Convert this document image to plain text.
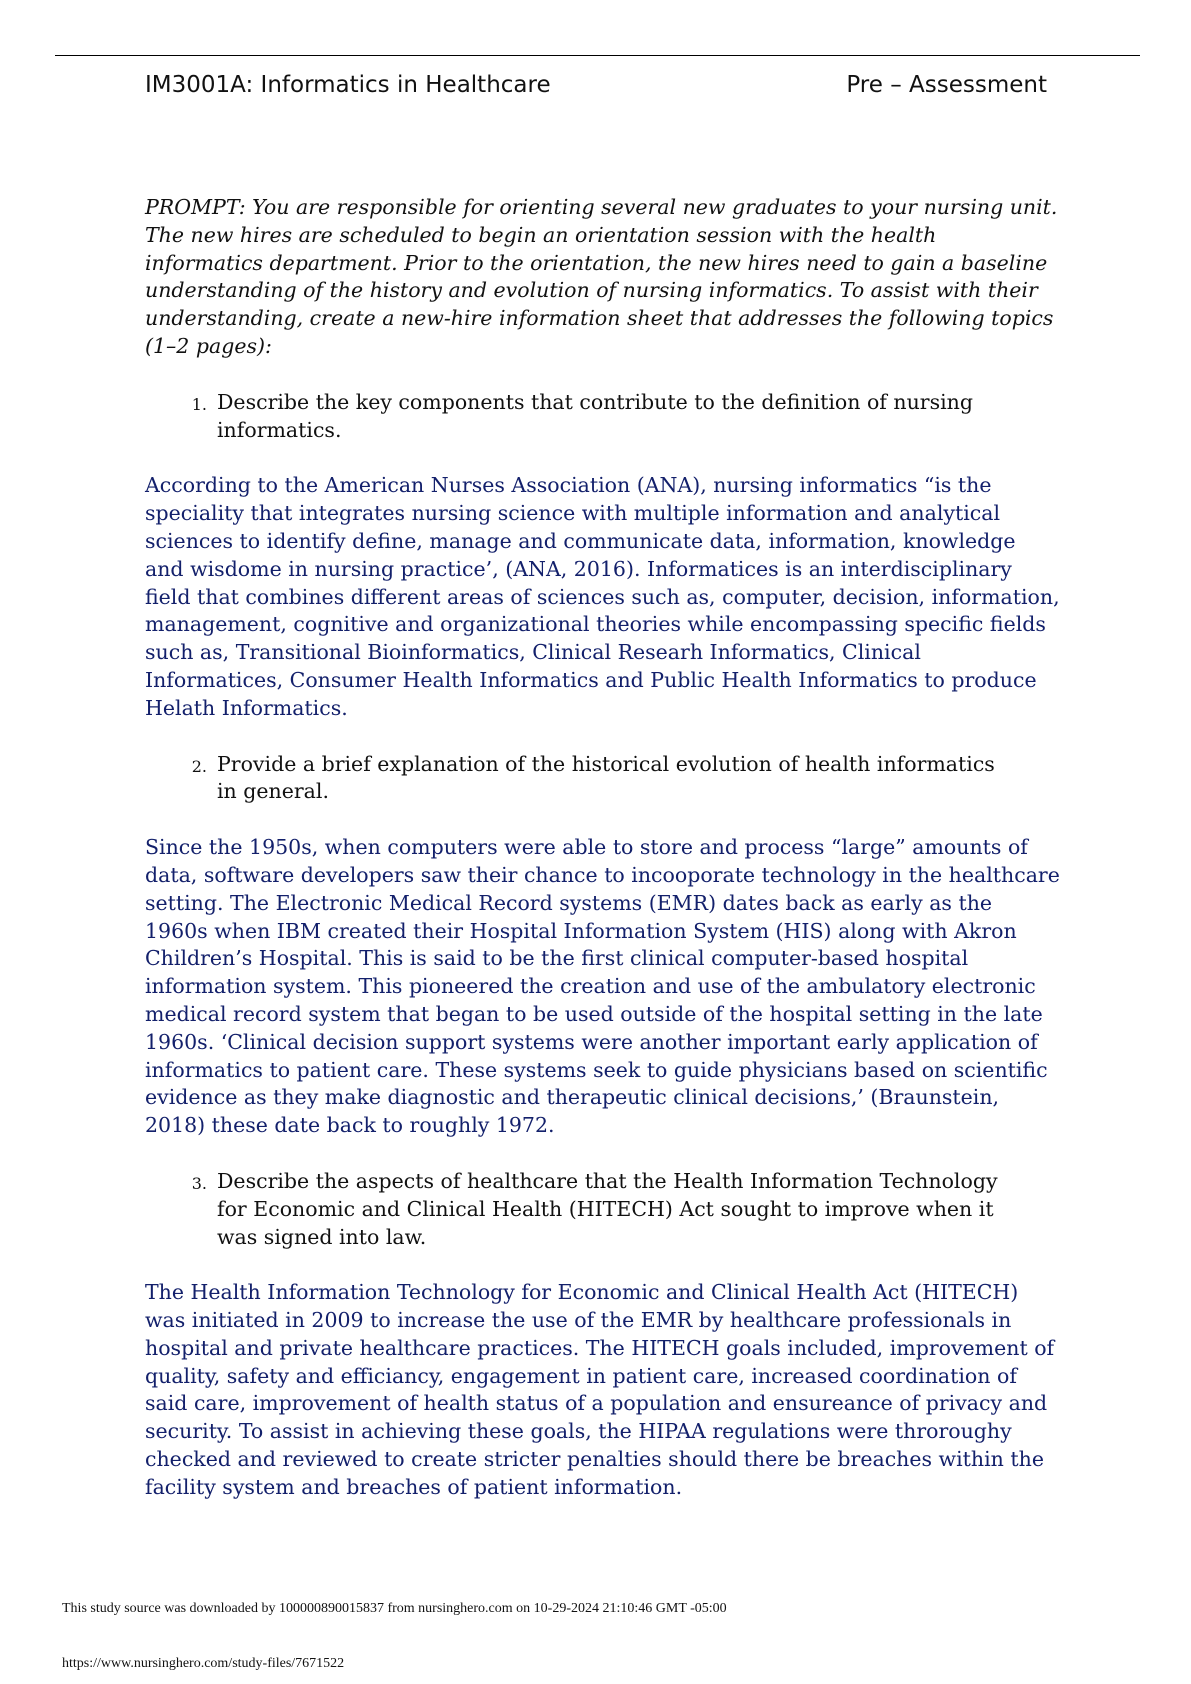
IM3001A: Informatics in Healthcare	Pre – Assessment

PROMPT: You are responsible for orienting several new graduates to your nursing unit. The new hires are scheduled to begin an orientation session with the health informatics department. Prior to the orientation, the new hires need to gain a baseline understanding of the history and evolution of nursing informatics. To assist with their understanding, create a new-hire information sheet that addresses the following topics (1–2 pages):

1. Describe the key components that contribute to the definition of nursing informatics.

According to the American Nurses Association (ANA), nursing informatics “is the speciality that integrates nursing science with multiple information and analytical sciences to identify define, manage and communicate data, information, knowledge and wisdome in nursing practice’, (ANA, 2016). Informatices is an interdisciplinary field that combines different areas of sciences such as, computer, decision, information, management, cognitive and organizational theories while encompassing specific fields such as, Transitional Bioinformatics, Clinical Researh Informatics, Clinical Informatices, Consumer Health Informatics and Public Health Informatics to produce Helath Informatics.

2. Provide a brief explanation of the historical evolution of health informatics in general.

Since the 1950s, when computers were able to store and process “large” amounts of data, software developers saw their chance to incooporate technology in the healthcare setting. The Electronic Medical Record systems (EMR) dates back as early as the 1960s when IBM created their Hospital Information System (HIS) along with Akron Children’s Hospital. This is said to be the first clinical computer-based hospital information system. This pioneered the creation and use of the ambulatory electronic medical record system that began to be used outside of the hospital setting in the late 1960s. ‘Clinical decision support systems were another important early application of informatics to patient care. These systems seek to guide physicians based on scientific evidence as they make diagnostic and therapeutic clinical decisions,’ (Braunstein, 2018) these date back to roughly 1972.

3. Describe the aspects of healthcare that the Health Information Technology for Economic and Clinical Health (HITECH) Act sought to improve when it was signed into law.

The Health Information Technology for Economic and Clinical Health Act (HITECH) was initiated in 2009 to increase the use of the EMR by healthcare professionals in hospital and private healthcare practices. The HITECH goals included, improvement of quality, safety and efficiancy, engagement in patient care, increased coordination of said care, improvement of health status of a population and ensureance of privacy and security. To assist in achieving these goals, the HIPAA regulations were throroughy checked and reviewed to create stricter penalties should there be breaches within the facility system and breaches of patient information.

This study source was downloaded by 100000890015837 from nursinghero.com on 10-29-2024 21:10:46 GMT -05:00
https://www.nursinghero.com/study-files/7671522
